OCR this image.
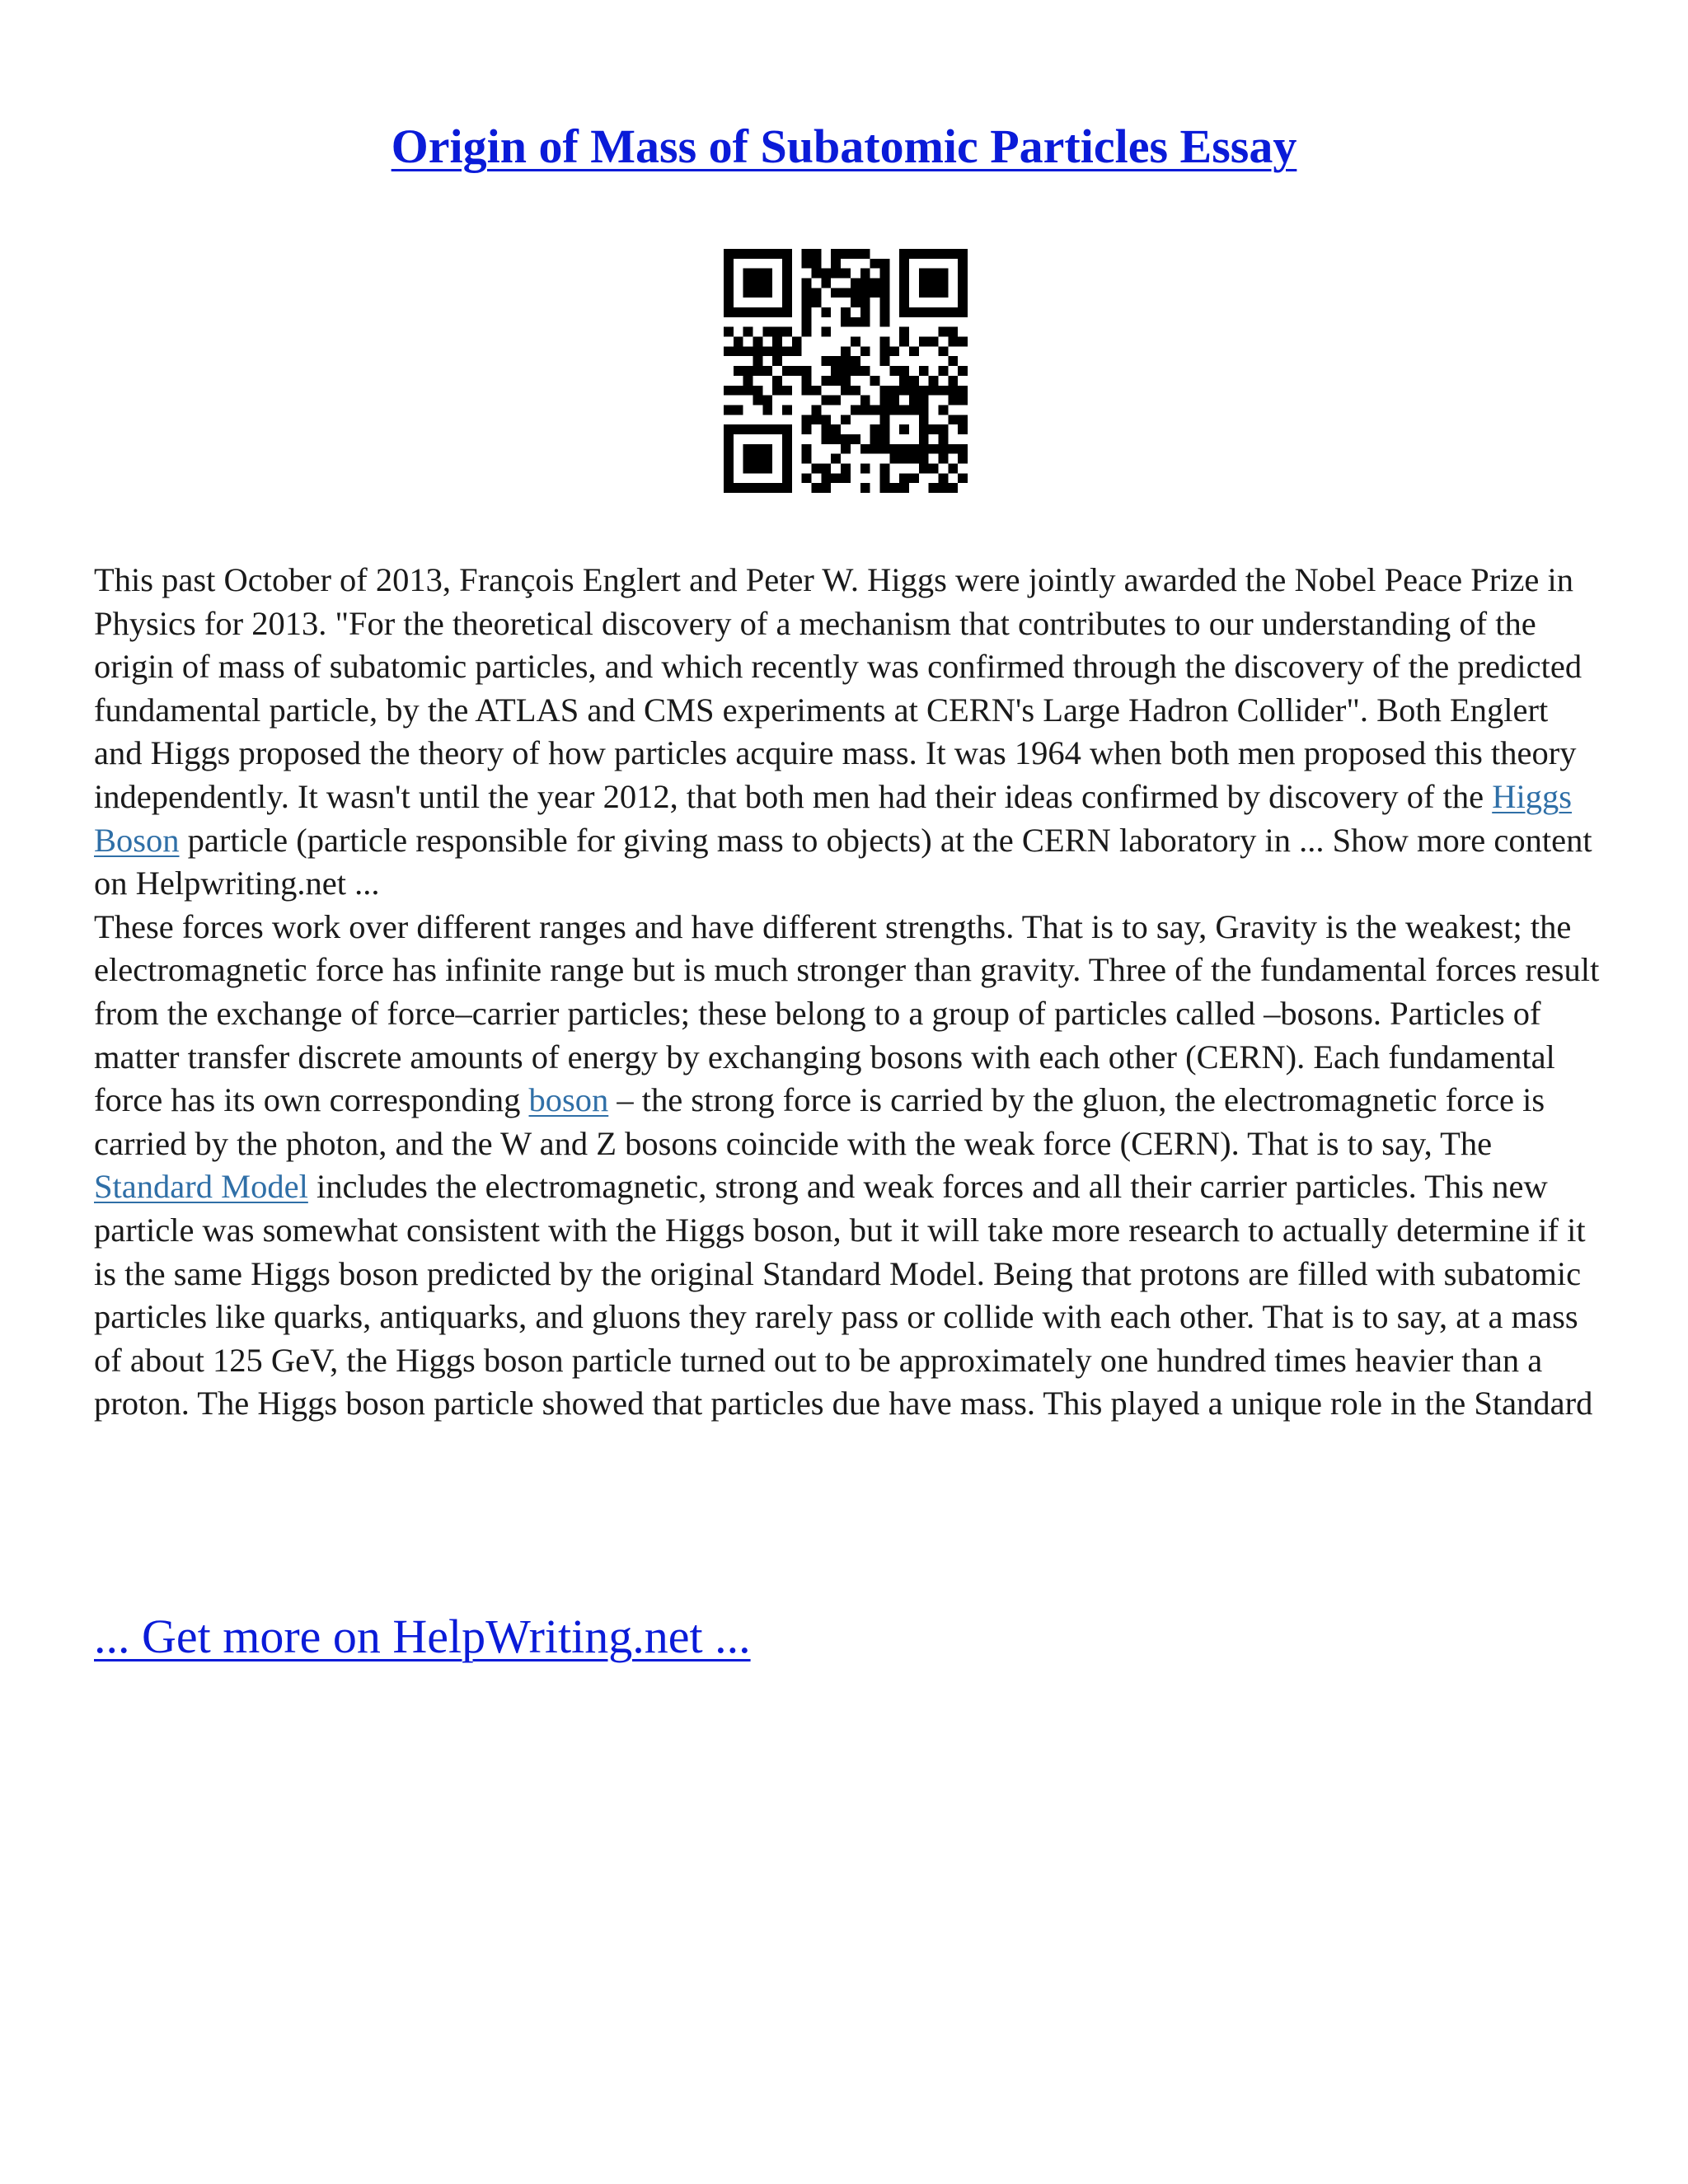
Origin of Mass of Subatomic Particles Essay

This past October of 2013, François Englert and Peter W. Higgs were jointly awarded the Nobel Peace Prize in Physics for 2013. "For the theoretical discovery of a mechanism that contributes to our understanding of the origin of mass of subatomic particles, and which recently was confirmed through the discovery of the predicted fundamental particle, by the ATLAS and CMS experiments at CERN's Large Hadron Collider". Both Englert and Higgs proposed the theory of how particles acquire mass. It was 1964 when both men proposed this theory independently. It wasn't until the year 2012, that both men had their ideas confirmed by discovery of the Higgs Boson particle (particle responsible for giving mass to objects) at the CERN laboratory in ... Show more content on Helpwriting.net ...

These forces work over different ranges and have different strengths. That is to say, Gravity is the weakest; the electromagnetic force has infinite range but is much stronger than gravity. Three of the fundamental forces result from the exchange of force–carrier particles; these belong to a group of particles called –bosons. Particles of matter transfer discrete amounts of energy by exchanging bosons with each other (CERN). Each fundamental force has its own corresponding boson – the strong force is carried by the gluon, the electromagnetic force is carried by the photon, and the W and Z bosons coincide with the weak force (CERN). That is to say, The Standard Model includes the electromagnetic, strong and weak forces and all their carrier particles. This new particle was somewhat consistent with the Higgs boson, but it will take more research to actually determine if it is the same Higgs boson predicted by the original Standard Model. Being that protons are filled with subatomic particles like quarks, antiquarks, and gluons they rarely pass or collide with each other. That is to say, at a mass of about 125 GeV, the Higgs boson particle turned out to be approximately one hundred times heavier than a proton. The Higgs boson particle showed that particles due have mass. This played a unique role in the Standard

... Get more on HelpWriting.net ...
